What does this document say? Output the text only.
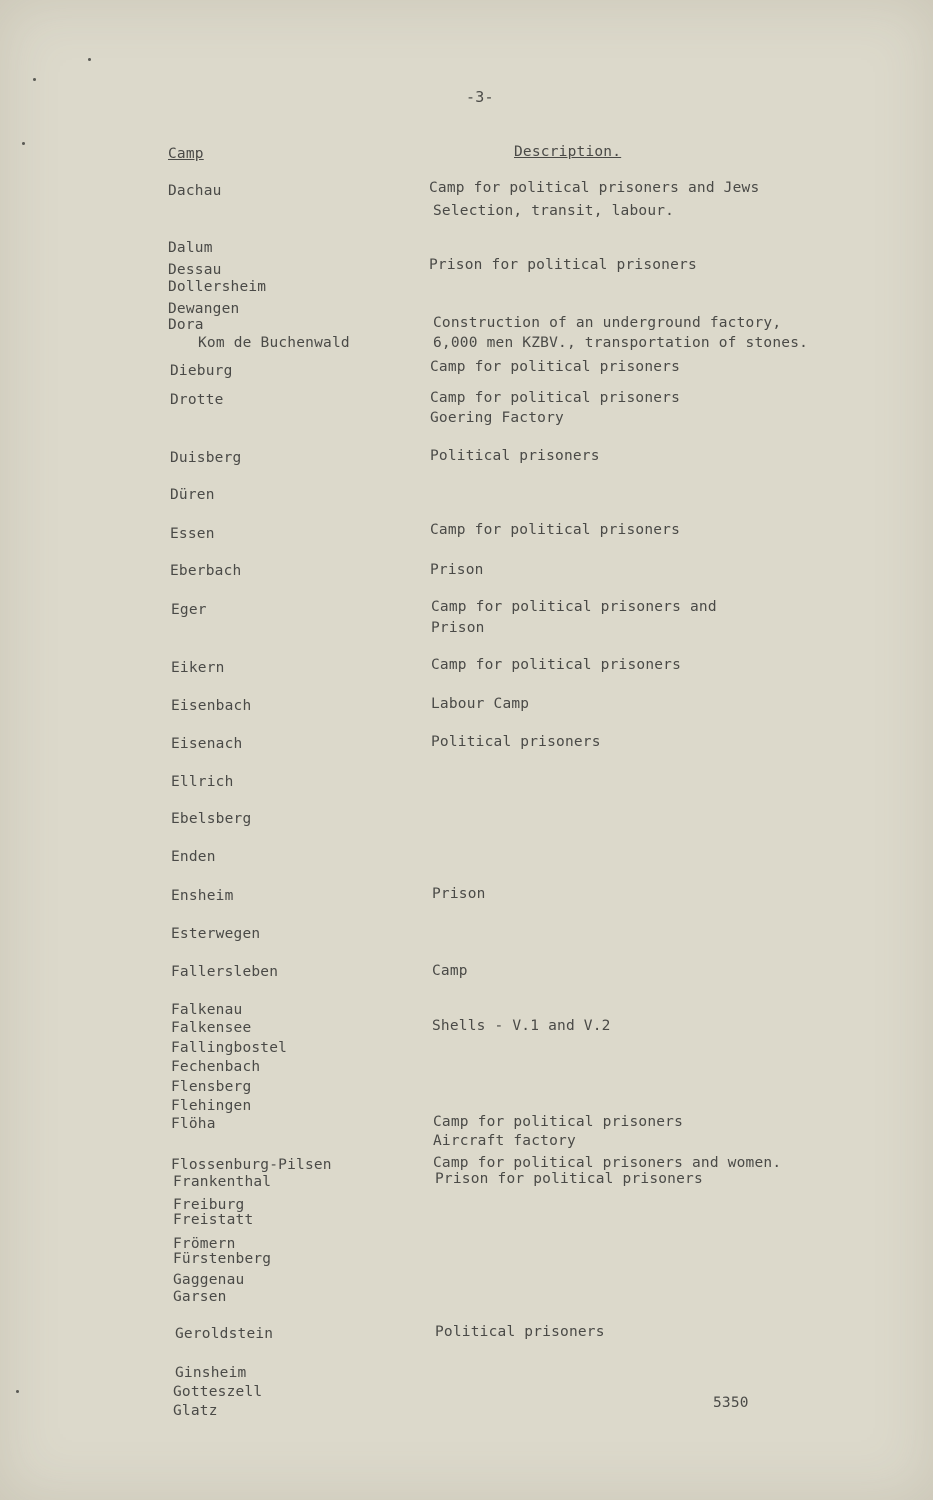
-3-
Camp	Description.
Dachau
Dalum
Dessau
Dollersheim
Dewangen
Dora
Kom de Buchenwald
Dieburg
Drotte
Duisberg
Düren
Essen
Eberbach
Eger
Eikern
Eisenbach
Eisenach
Ellrich
Ebelsberg
Enden
Ensheim
Esterwegen
Fallersleben
Falkenau
Falkensee
Fallingbostel
Fechenbach
Flensberg
Flehingen
Flöha
Flossenburg-Pilsen
Frankenthal
Freiburg
Freistatt
Frömern
Fürstenberg
Gaggenau
Garsen
Geroldstein
Ginsheim
Gotteszell
Glatz
Camp for political prisoners and Jews
Selection, transit, labour.
Prison for political prisoners
Construction of an underground factory,
6,000 men KZBV., transportation of stones.
Camp for political prisoners
Camp for political prisoners
Goering Factory
Political prisoners
Camp for political prisoners
Prison
Camp for political prisoners and
Prison
Camp for political prisoners
Labour Camp
Political prisoners
Prison
Camp
Shells - V.1 and V.2
Camp for political prisoners
Aircraft factory
Camp for political prisoners and women.
Prison for political prisoners
Political prisoners
5350
